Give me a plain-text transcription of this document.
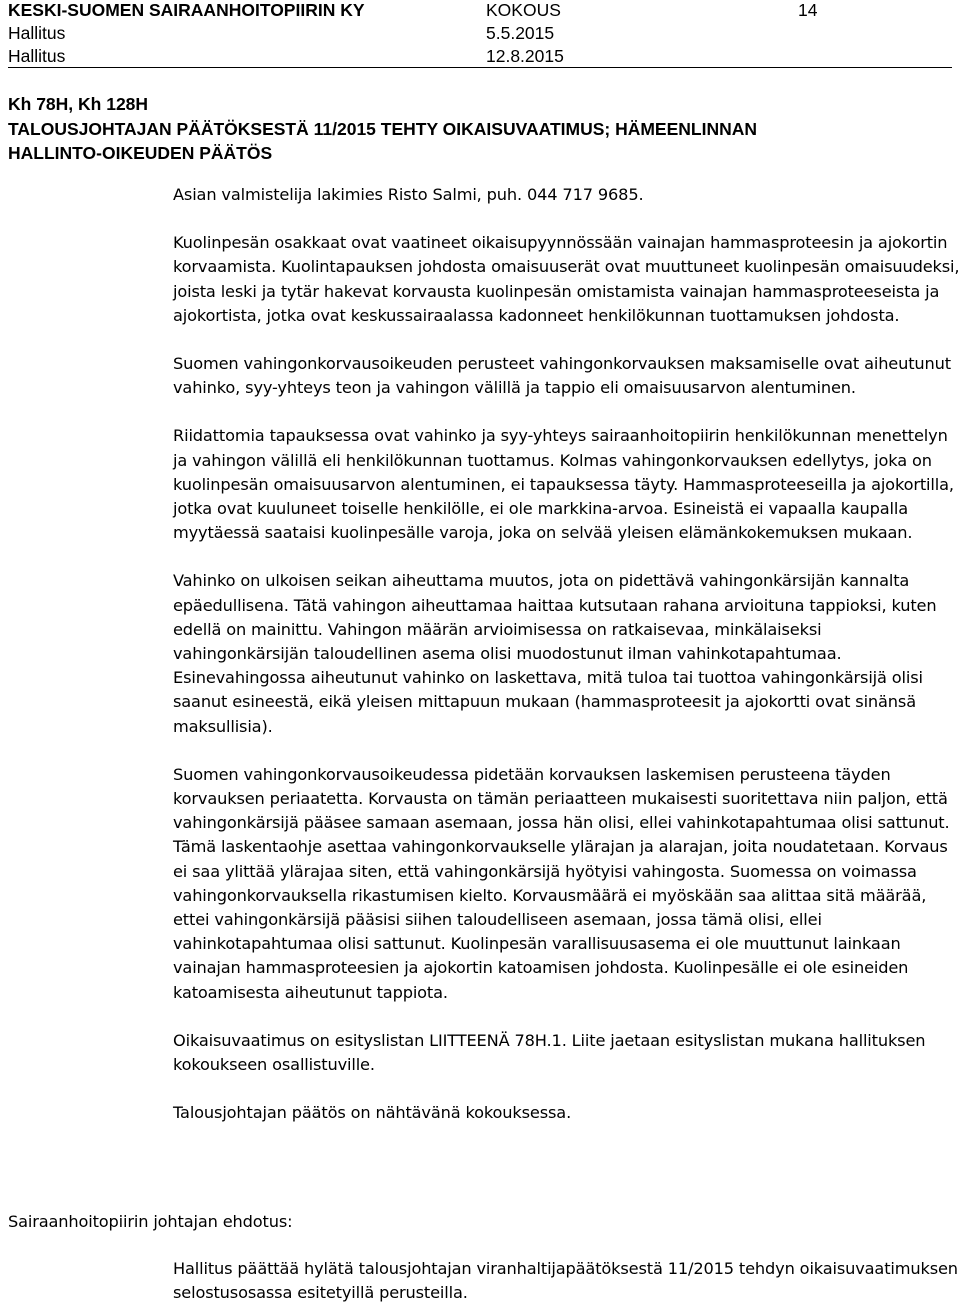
KESKI-SUOMEN SAIRAANHOITOPIIRIN KY	KOKOUS	14
Hallitus	5.5.2015
Hallitus	12.8.2015
Kh 78H, Kh 128H
TALOUSJOHTAJAN PÄÄTÖKSESTÄ 11/2015 TEHTY OIKAISUVAATIMUS; HÄMEENLINNAN
HALLINTO-OIKEUDEN PÄÄTÖS

Asian valmistelija lakimies Risto Salmi, puh. 044 717 9685.

Kuolinpesän osakkaat ovat vaatineet oikaisupyynnössään vainajan hammasproteesin ja ajokortin korvaamista. Kuolintapauksen johdosta omaisuuserät ovat muuttuneet kuolinpesän omaisuudeksi, joista leski ja tytär hakevat korvausta kuolinpesän omistamista vainajan hammasproteeseista ja ajokortista, jotka ovat keskussairaalassa kadonneet henkilökunnan tuottamuksen johdosta.

Suomen vahingonkorvausoikeuden perusteet vahingonkorvauksen maksamiselle ovat aiheutunut vahinko, syy-yhteys teon ja vahingon välillä ja tappio eli omaisuusarvon alentuminen.

Riidattomia tapauksessa ovat vahinko ja syy-yhteys sairaanhoitopiirin henkilökunnan menettelyn ja vahingon välillä eli henkilökunnan tuottamus. Kolmas vahingonkorvauksen edellytys, joka on kuolinpesän omaisuusarvon alentuminen, ei tapauksessa täyty. Hammasproteeseilla ja ajokortilla, jotka ovat kuuluneet toiselle henkilölle, ei ole markkina-arvoa. Esineistä ei vapaalla kaupalla myytäessä saataisi kuolinpesälle varoja, joka on selvää yleisen elämänkokemuksen mukaan.

Vahinko on ulkoisen seikan aiheuttama muutos, jota on pidettävä vahingonkärsijän kannalta epäedullisena. Tätä vahingon aiheuttamaa haittaa kutsutaan rahana arvioituna tappioksi, kuten edellä on mainittu. Vahingon määrän arvioimisessa on ratkaisevaa, minkälaiseksi vahingonkärsijän taloudellinen asema olisi muodostunut ilman vahinkotapahtumaa. Esinevahingossa aiheutunut vahinko on laskettava, mitä tuloa tai tuottoa vahingonkärsijä olisi saanut esineestä, eikä yleisen mittapuun mukaan (hammasproteesit ja ajokortti ovat sinänsä maksullisia).

Suomen vahingonkorvausoikeudessa pidetään korvauksen laskemisen perusteena täyden korvauksen periaatetta. Korvausta on tämän periaatteen mukaisesti suoritettava niin paljon, että vahingonkärsijä pääsee samaan asemaan, jossa hän olisi, ellei vahinkotapahtumaa olisi sattunut. Tämä laskentaohje asettaa vahingonkorvaukselle ylärajan ja alarajan, joita noudatetaan. Korvaus ei saa ylittää ylärajaa siten, että vahingonkärsijä hyötyisi vahingosta. Suomessa on voimassa vahingonkorvauksella rikastumisen kielto. Korvausmäärä ei myöskään saa alittaa sitä määrää, ettei vahingonkärsijä pääsisi siihen taloudelliseen asemaan, jossa tämä olisi, ellei vahinkotapahtumaa olisi sattunut. Kuolinpesän varallisuusasema ei ole muuttunut lainkaan vainajan hammasproteesien ja ajokortin katoamisen johdosta. Kuolinpesälle ei ole esineiden katoamisesta aiheutunut tappiota.

Oikaisuvaatimus on esityslistan LIITTEENÄ 78H.1. Liite jaetaan esityslistan mukana hallituksen kokoukseen osallistuville.

Talousjohtajan päätös on nähtävänä kokouksessa.

Sairaanhoitopiirin johtajan ehdotus:
Hallitus päättää hylätä talousjohtajan viranhaltijapäätöksestä 11/2015 tehdyn oikaisuvaatimuksen selostusosassa esitetyillä perusteilla.
